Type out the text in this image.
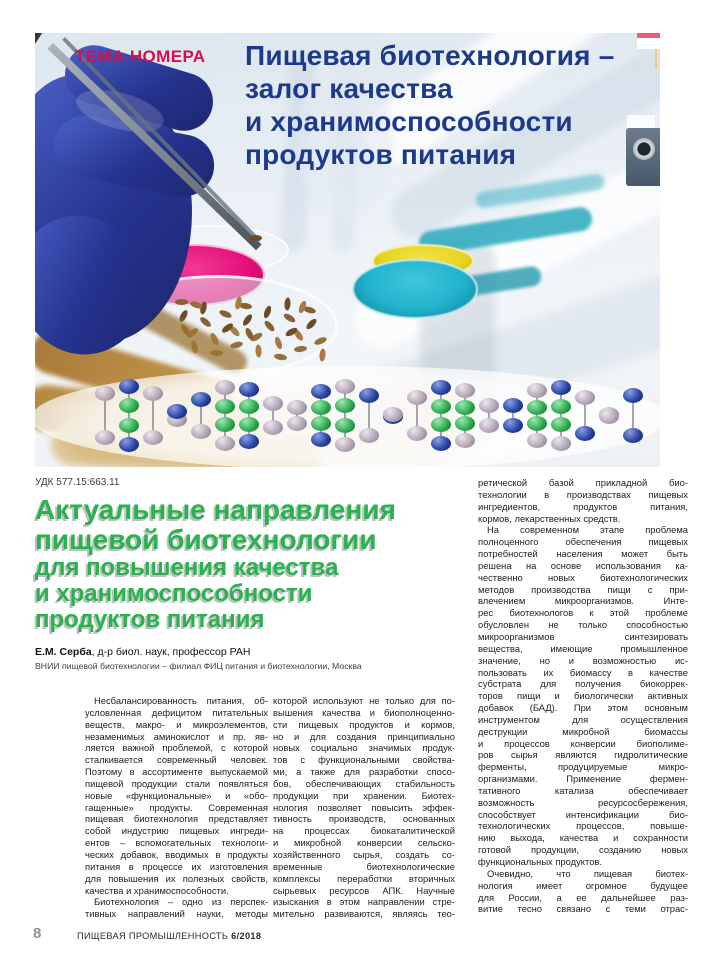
ТЕМА НОМЕРА Пищевая биотехнология –
залог качества
и хранимоспособности
продуктов питания
УДК 577.15:663.11
Актуальные направления
пищевой биотехнологии
для повышения качества
и хранимоспособности
продуктов питания
Е.М. Серба, д-р биол. наук, профессор РАН
ВНИИ пищевой биотехнологии – филиал ФИЦ питания и биотехнологии, Москва
Несбалансированность питания, об-
условленная дефицитом питательных
веществ, макро- и микроэлементов,
незаменимых аминокислот и пр. яв-
ляется важной проблемой, с которой
сталкивается современный человек.
Поэтому в ассортименте выпускаемой
пищевой продукции стали появляться
новые «функциональные» и «обо-
гащенные» продукты. Современная
пищевая биотехнология представляет
собой индустрию пищевых ингреди-
ентов – вспомогательных технологи-
ческих добавок, вводимых в продукты
питания в процессе их изготовления
для повышения их полезных свойств,
качества и хранимоспособности.
Биотехнология – одно из перспек-
тивных направлений науки, методы
которой используют не только для по-
вышения качества и биополноценно-
сти пищевых продуктов и кормов,
но и для создания принципиально
новых социально значимых продук-
тов с функциональными свойства-
ми, а также для разработки спосо-
бов, обеспечивающих стабильность
продукции при хранении. Биотех-
нология позволяет повысить эффек-
тивность производств, основанных
на процессах биокаталитической
и микробной конверсии сельско-
хозяйственного сырья, создать со-
временные биотехнологические
комплексы переработки вторичных
сырьевых ресурсов АПК. Научные
изыскания в этом направлении стре-
мительно развиваются, являясь тео-
ретической базой прикладной био-
технологии в производствах пищевых
ингредиентов, продуктов питания,
кормов, лекарственных средств.
На современном этапе проблема
полноценного обеспечения пищевых
потребностей населения может быть
решена на основе использования ка-
чественно новых биотехнологических
методов производства пищи с при-
влечением микроорганизмов. Инте-
рес биотехнологов к этой проблеме
обусловлен не только способностью
микроорганизмов синтезировать
вещества, имеющие промышленное
значение, но и возможностью ис-
пользовать их биомассу в качестве
субстрата для получения биокоррек-
торов пищи и биологически активных
добавок (БАД). При этом основным
инструментом для осуществления
деструкции микробной биомассы
и процессов конверсии биополиме-
ров сырья являются гидролитические
ферменты, продуцируемые микро-
организмами. Применение фермен-
тативного катализа обеспечивает
возможность ресурсосбережения,
способствует интенсификации био-
технологических процессов, повыше-
нию выхода, качества и сохранности
готовой продукции, созданию новых
функциональных продуктов.
Очевидно, что пищевая биотех-
нология имеет огромное будущее
для России, а ее дальнейшее раз-
витие тесно связано с теми отрас-
8	ПИЩЕВАЯ ПРОМЫШЛЕННОСТЬ 6/2018
